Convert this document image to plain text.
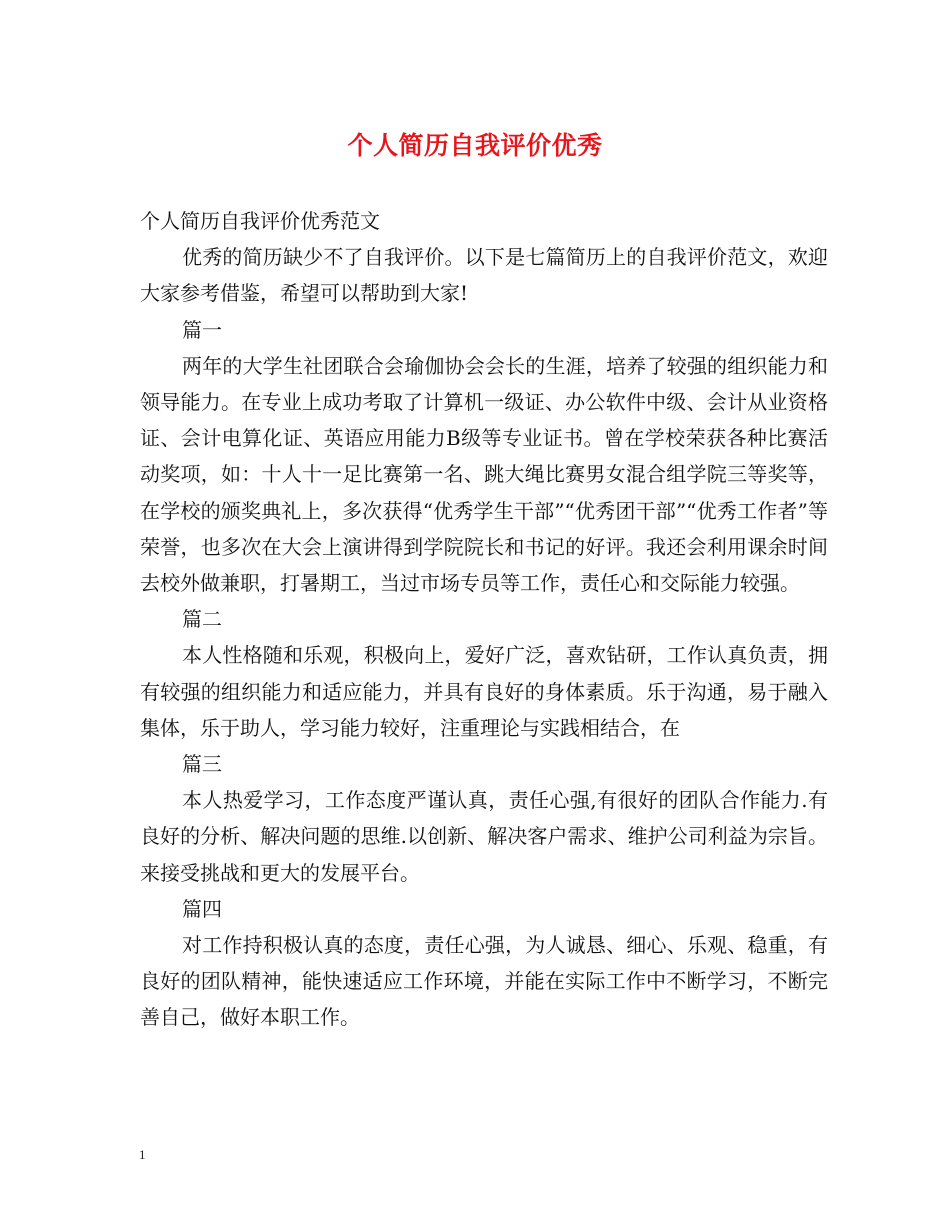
个人简历自我评价优秀

个人简历自我评价优秀范文

优秀的简历缺少不了自我评价。以下是七篇简历上的自我评价范文，欢迎大家参考借鉴，希望可以帮助到大家!

篇一

两年的大学生社团联合会瑜伽协会会长的生涯，培养了较强的组织能力和领导能力。在专业上成功考取了计算机一级证、办公软件中级、会计从业资格证、会计电算化证、英语应用能力B级等专业证书。曾在学校荣获各种比赛活动奖项，如：十人十一足比赛第一名、跳大绳比赛男女混合组学院三等奖等，在学校的颁奖典礼上，多次获得“优秀学生干部”“优秀团干部”“优秀工作者”等荣誉，也多次在大会上演讲得到学院院长和书记的好评。我还会利用课余时间去校外做兼职，打暑期工，当过市场专员等工作，责任心和交际能力较强。

篇二

本人性格随和乐观，积极向上，爱好广泛，喜欢钻研，工作认真负责，拥有较强的组织能力和适应能力，并具有良好的身体素质。乐于沟通，易于融入集体，乐于助人，学习能力较好，注重理论与实践相结合，在

篇三

本人热爱学习，工作态度严谨认真，责任心强,有很好的团队合作能力.有良好的分析、解决问题的思维.以创新、解决客户需求、维护公司利益为宗旨。来接受挑战和更大的发展平台。

篇四

对工作持积极认真的态度，责任心强，为人诚恳、细心、乐观、稳重，有良好的团队精神，能快速适应工作环境，并能在实际工作中不断学习，不断完善自己，做好本职工作。

1
